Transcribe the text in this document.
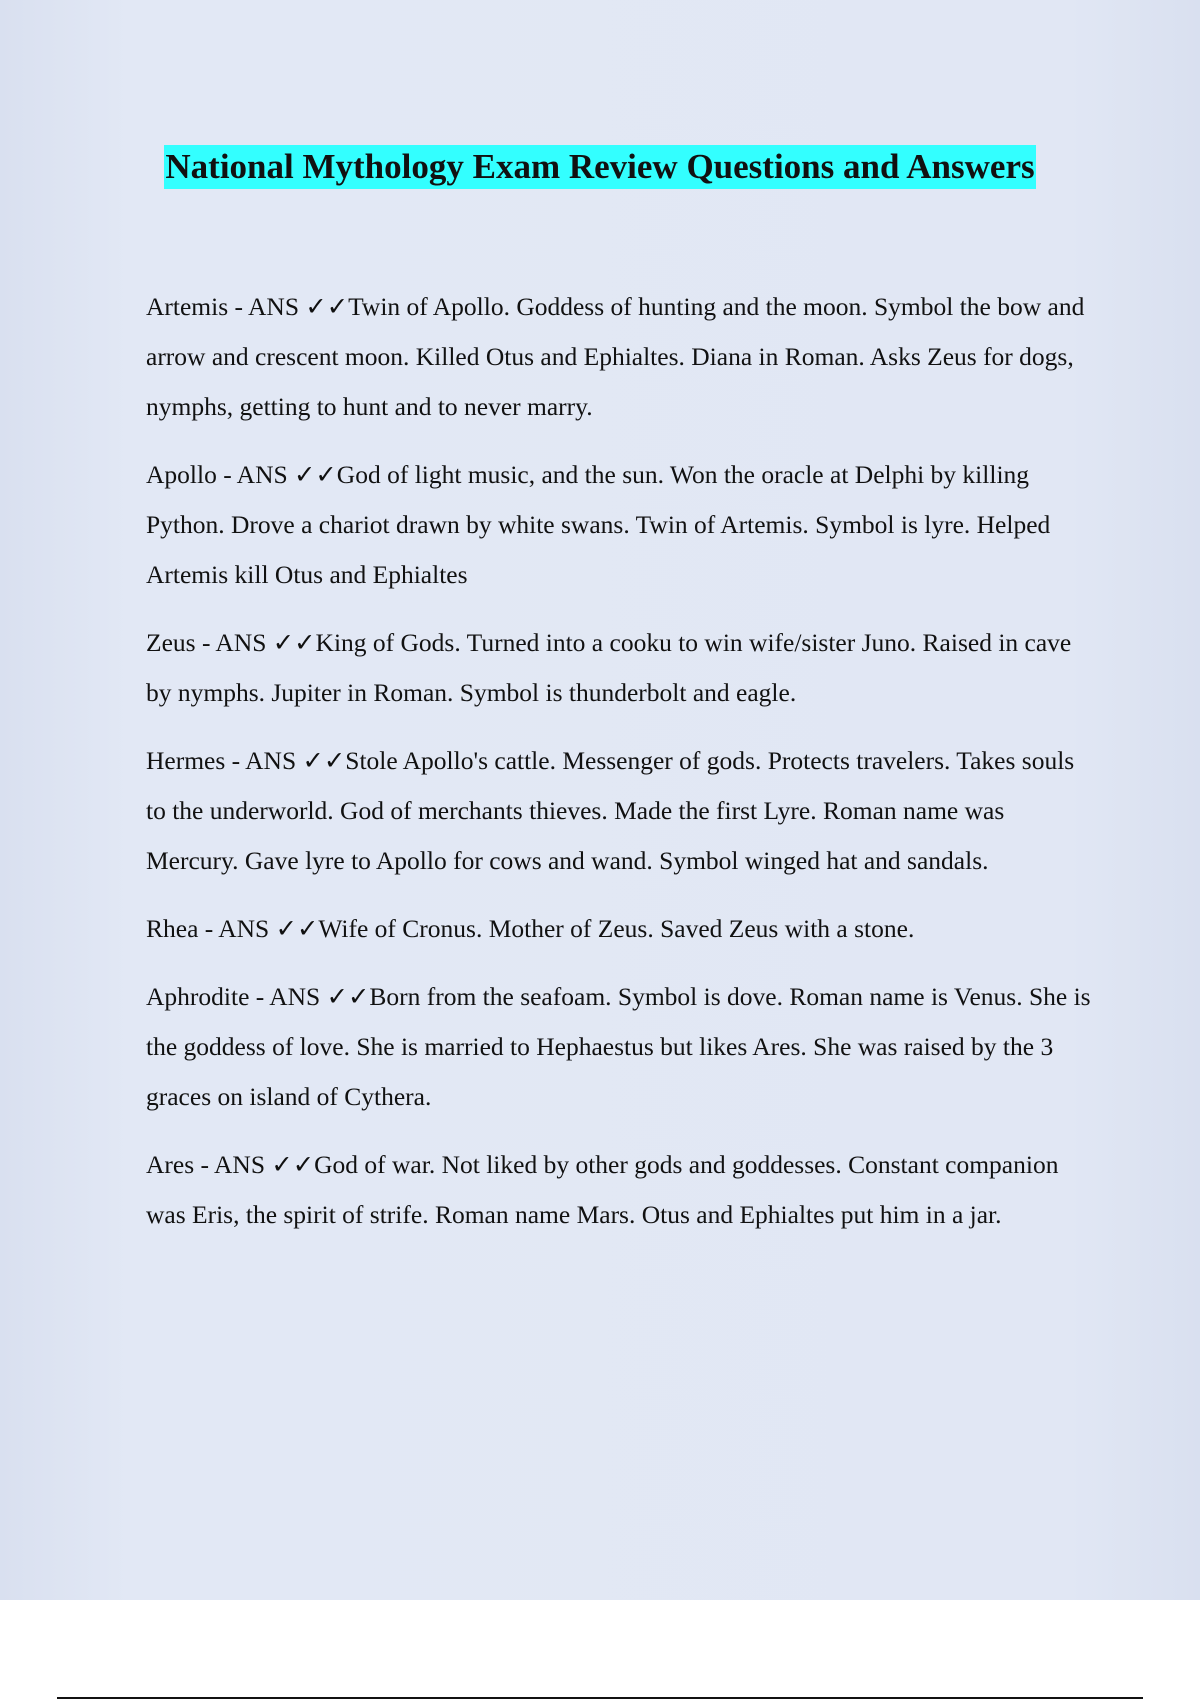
National Mythology Exam Review Questions and Answers

Artemis - ANS ✓✓Twin of Apollo. Goddess of hunting and the moon. Symbol the bow and arrow and crescent moon. Killed Otus and Ephialtes. Diana in Roman. Asks Zeus for dogs, nymphs, getting to hunt and to never marry.

Apollo - ANS ✓✓God of light music, and the sun. Won the oracle at Delphi by killing Python. Drove a chariot drawn by white swans. Twin of Artemis. Symbol is lyre. Helped Artemis kill Otus and Ephialtes

Zeus - ANS ✓✓King of Gods. Turned into a cooku to win wife/sister Juno. Raised in cave by nymphs. Jupiter in Roman. Symbol is thunderbolt and eagle.

Hermes - ANS ✓✓Stole Apollo's cattle. Messenger of gods. Protects travelers. Takes souls to the underworld. God of merchants thieves. Made the first Lyre. Roman name was Mercury. Gave lyre to Apollo for cows and wand. Symbol winged hat and sandals.

Rhea - ANS ✓✓Wife of Cronus. Mother of Zeus. Saved Zeus with a stone.

Aphrodite - ANS ✓✓Born from the seafoam. Symbol is dove. Roman name is Venus. She is the goddess of love. She is married to Hephaestus but likes Ares. She was raised by the 3 graces on island of Cythera.

Ares - ANS ✓✓God of war. Not liked by other gods and goddesses. Constant companion was Eris, the spirit of strife. Roman name Mars. Otus and Ephialtes put him in a jar.
